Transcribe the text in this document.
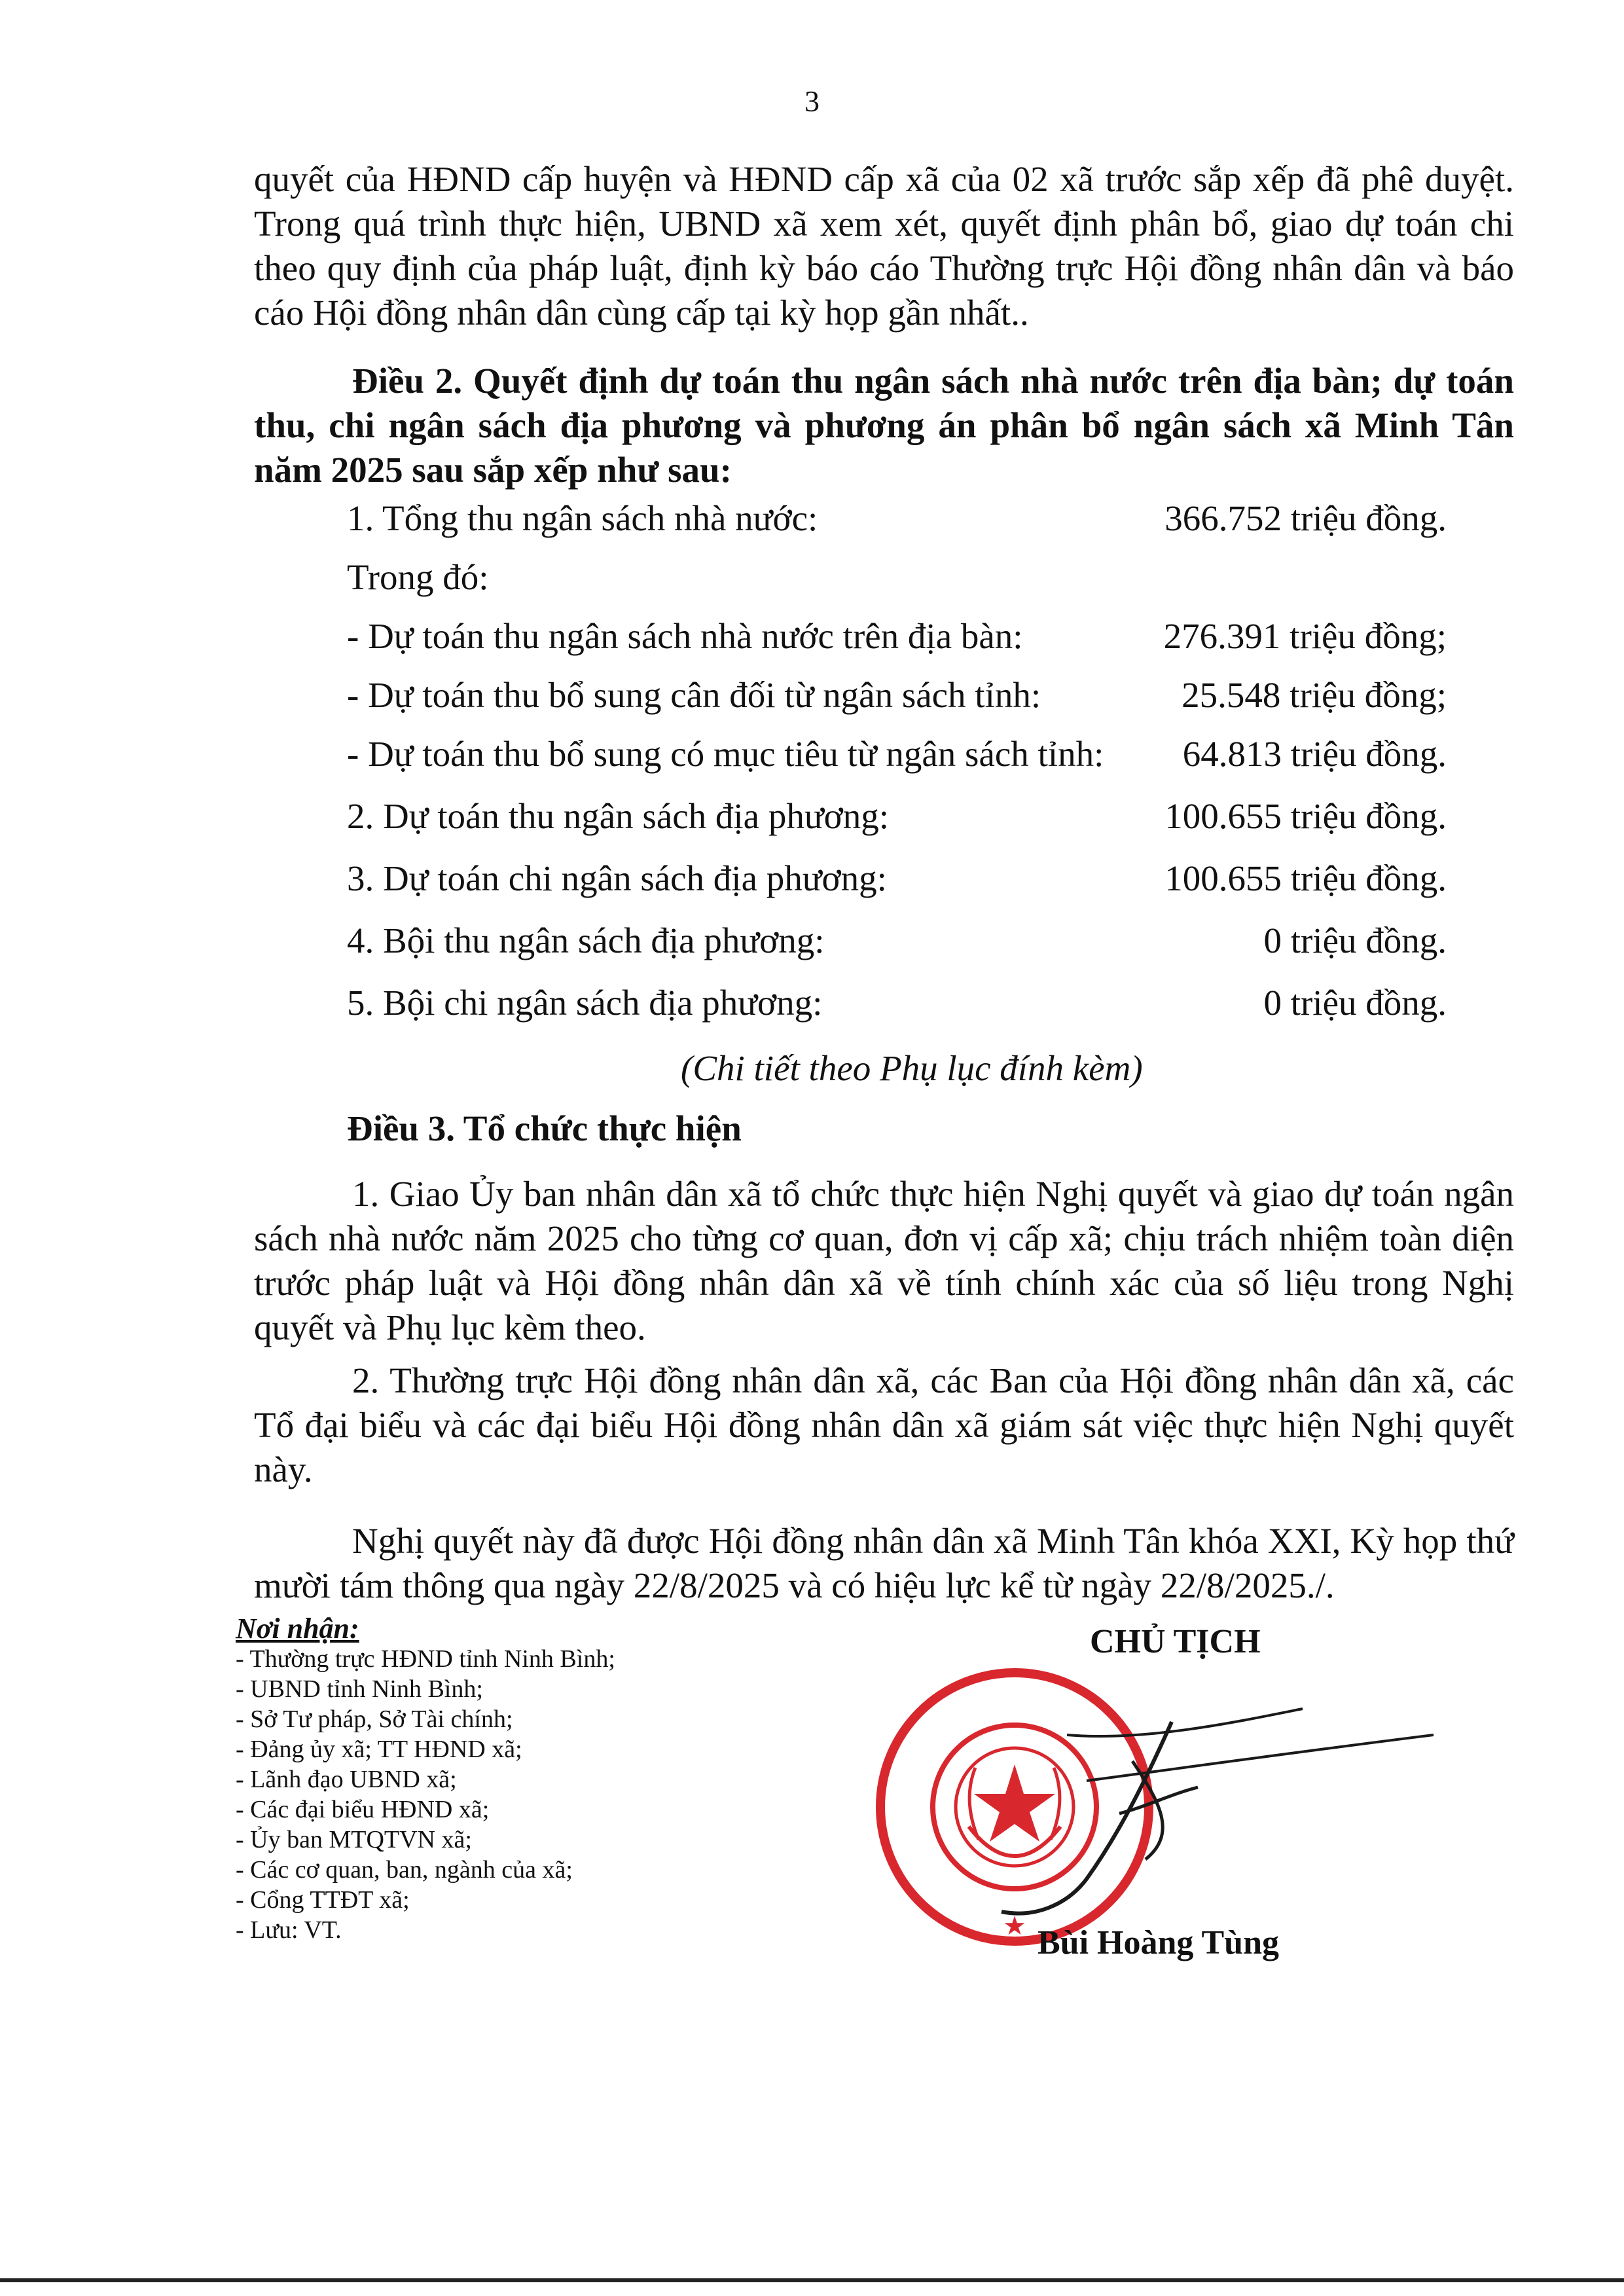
3
quyết của HĐND cấp huyện và HĐND cấp xã của 02 xã trước sắp xếp đã phê duyệt. Trong quá trình thực hiện, UBND xã xem xét, quyết định phân bổ, giao dự toán chi theo quy định của pháp luật, định kỳ báo cáo Thường trực Hội đồng nhân dân và báo cáo Hội đồng nhân dân cùng cấp tại kỳ họp gần nhất..
Điều 2. Quyết định dự toán thu ngân sách nhà nước trên địa bàn; dự toán thu, chi ngân sách địa phương và phương án phân bổ ngân sách xã Minh Tân năm 2025 sau sắp xếp như sau:
1. Tổng thu ngân sách nhà nước:	366.752 triệu đồng.
Trong đó:
- Dự toán thu ngân sách nhà nước trên địa bàn:	276.391 triệu đồng;
- Dự toán thu bổ sung cân đối từ ngân sách tỉnh:	25.548 triệu đồng;
- Dự toán thu bổ sung có mục tiêu từ ngân sách tỉnh: 64.813 triệu đồng.
2. Dự toán thu ngân sách địa phương:	100.655 triệu đồng.
3. Dự toán chi ngân sách địa phương:	100.655 triệu đồng.
4. Bội thu ngân sách địa phương:	0 triệu đồng.
5. Bội chi ngân sách địa phương:	0 triệu đồng.
(Chi tiết theo Phụ lục đính kèm)
Điều 3. Tổ chức thực hiện
1. Giao Ủy ban nhân dân xã tổ chức thực hiện Nghị quyết và giao dự toán ngân sách nhà nước năm 2025 cho từng cơ quan, đơn vị cấp xã; chịu trách nhiệm toàn diện trước pháp luật và Hội đồng nhân dân xã về tính chính xác của số liệu trong Nghị quyết và Phụ lục kèm theo.
2. Thường trực Hội đồng nhân dân xã, các Ban của Hội đồng nhân dân xã, các Tổ đại biểu và các đại biểu Hội đồng nhân dân xã giám sát việc thực hiện Nghị quyết này.
Nghị quyết này đã được Hội đồng nhân dân xã Minh Tân khóa XXI, Kỳ họp thứ mười tám thông qua ngày 22/8/2025 và có hiệu lực kể từ ngày 22/8/2025./.
Nơi nhận:
- Thường trực HĐND tỉnh Ninh Bình;
- UBND tỉnh Ninh Bình;
- Sở Tư pháp, Sở Tài chính;
- Đảng ủy xã; TT HĐND xã;
- Lãnh đạo UBND xã;
- Các đại biểu HĐND xã;
- Ủy ban MTQTVN xã;
- Các cơ quan, ban, ngành của xã;
- Cổng TTĐT xã;
- Lưu: VT.
CHỦ TỊCH
★ Bùi Hoàng Tùng
